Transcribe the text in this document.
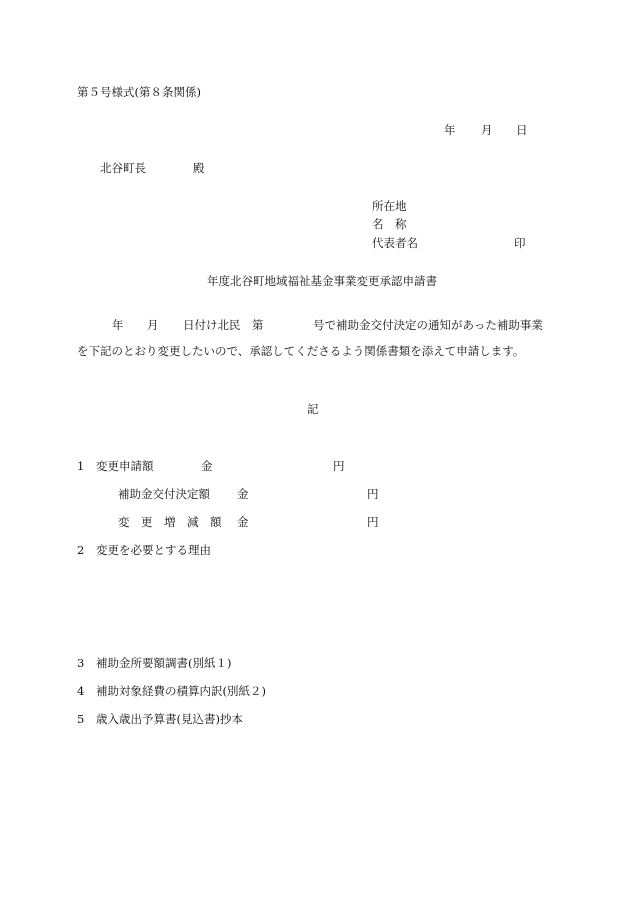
第５号様式(第８条関係)
年 月 日
北谷町長	殿
所在地
名　称
代表者名	印
年度北谷町地域福祉基金事業変更承認申請書
年 月 日付け北民　第	号で補助金交付決定の通知があった補助事業
を下記のとおり変更したいので、承認してくださるよう関係書類を添えて申請します。
記
1 変更申請額	金	円
補助金交付決定額 金	円
変　更　増　減　額 金	円
2 変更を必要とする理由
3 補助金所要額調書(別紙１)
4 補助対象経費の積算内訳(別紙２)
5 歳入歳出予算書(見込書)抄本
